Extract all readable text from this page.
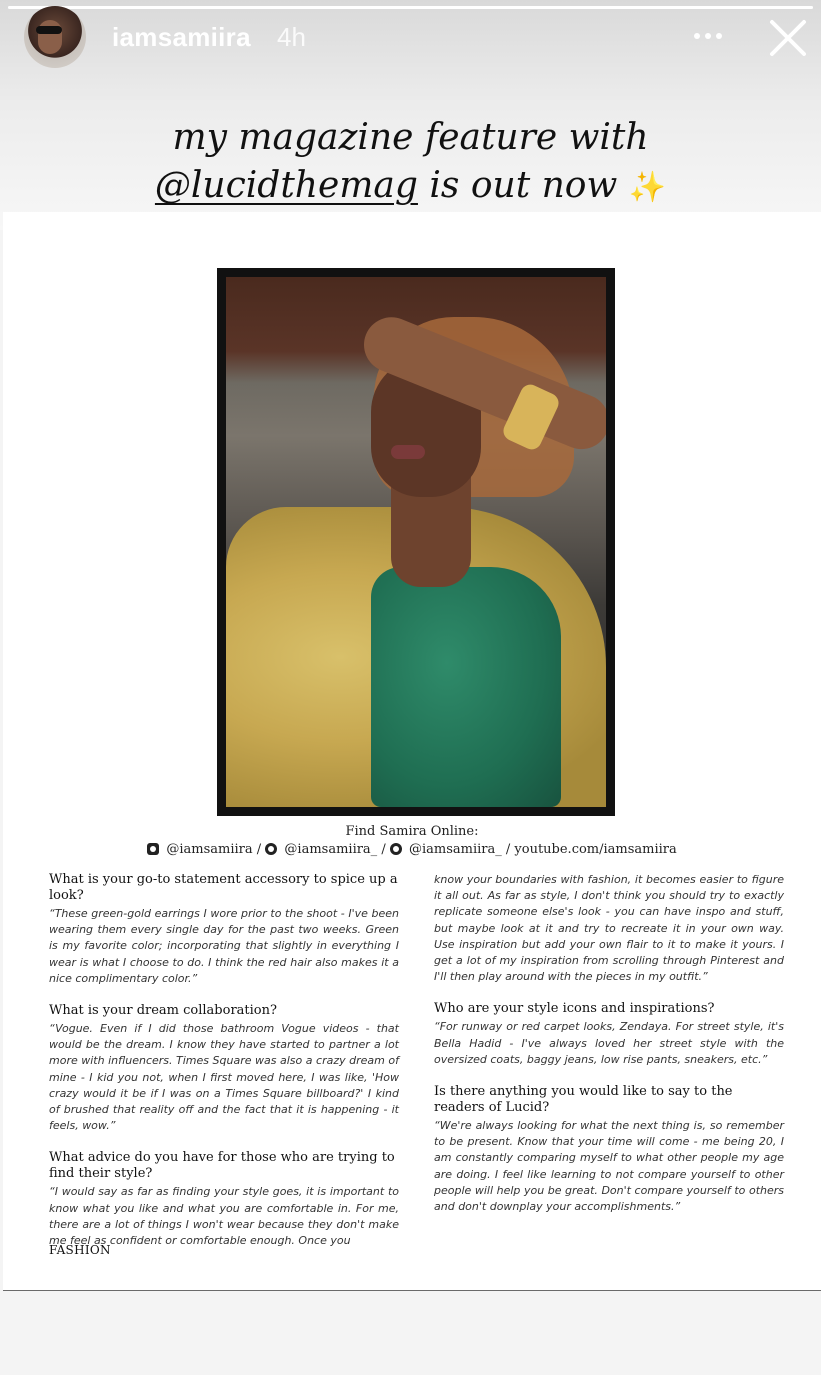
iamsamiira 4h
my magazine feature with
@lucidthemag is out now ✨
Find Samira Online:
@iamsamiira / @iamsamiira_ / @iamsamiira_ / youtube.com/iamsamiira
What is your go-to statement accessory to spice up a look?
“These green-gold earrings I wore prior to the shoot - I've been wearing them every single day for the past two weeks. Green is my favorite color; incorporating that slightly in everything I wear is what I choose to do. I think the red hair also makes it a nice complimentary color.”
What is your dream collaboration?
“Vogue. Even if I did those bathroom Vogue videos - that would be the dream. I know they have started to partner a lot more with influencers. Times Square was also a crazy dream of mine - I kid you not, when I first moved here, I was like, 'How crazy would it be if I was on a Times Square billboard?' I kind of brushed that reality off and the fact that it is happening - it feels, wow.”
What advice do you have for those who are trying to find their style?
“I would say as far as finding your style goes, it is important to know what you like and what you are comfortable in. For me, there are a lot of things I won't wear because they don't make me feel as confident or comfortable enough. Once you
know your boundaries with fashion, it becomes easier to figure it all out. As far as style, I don't think you should try to exactly replicate someone else's look - you can have inspo and stuff, but maybe look at it and try to recreate it in your own way. Use inspiration but add your own flair to it to make it yours. I get a lot of my inspiration from scrolling through Pinterest and I'll then play around with the pieces in my outfit.”
Who are your style icons and inspirations?
“For runway or red carpet looks, Zendaya. For street style, it's Bella Hadid - I've always loved her street style with the oversized coats, baggy jeans, low rise pants, sneakers, etc.”
Is there anything you would like to say to the readers of Lucid?
“We're always looking for what the next thing is, so remember to be present. Know that your time will come - me being 20, I am constantly comparing myself to what other people my age are doing. I feel like learning to not compare yourself to other people will help you be great. Don't compare yourself to others and don't downplay your accomplishments.”
FASHION
